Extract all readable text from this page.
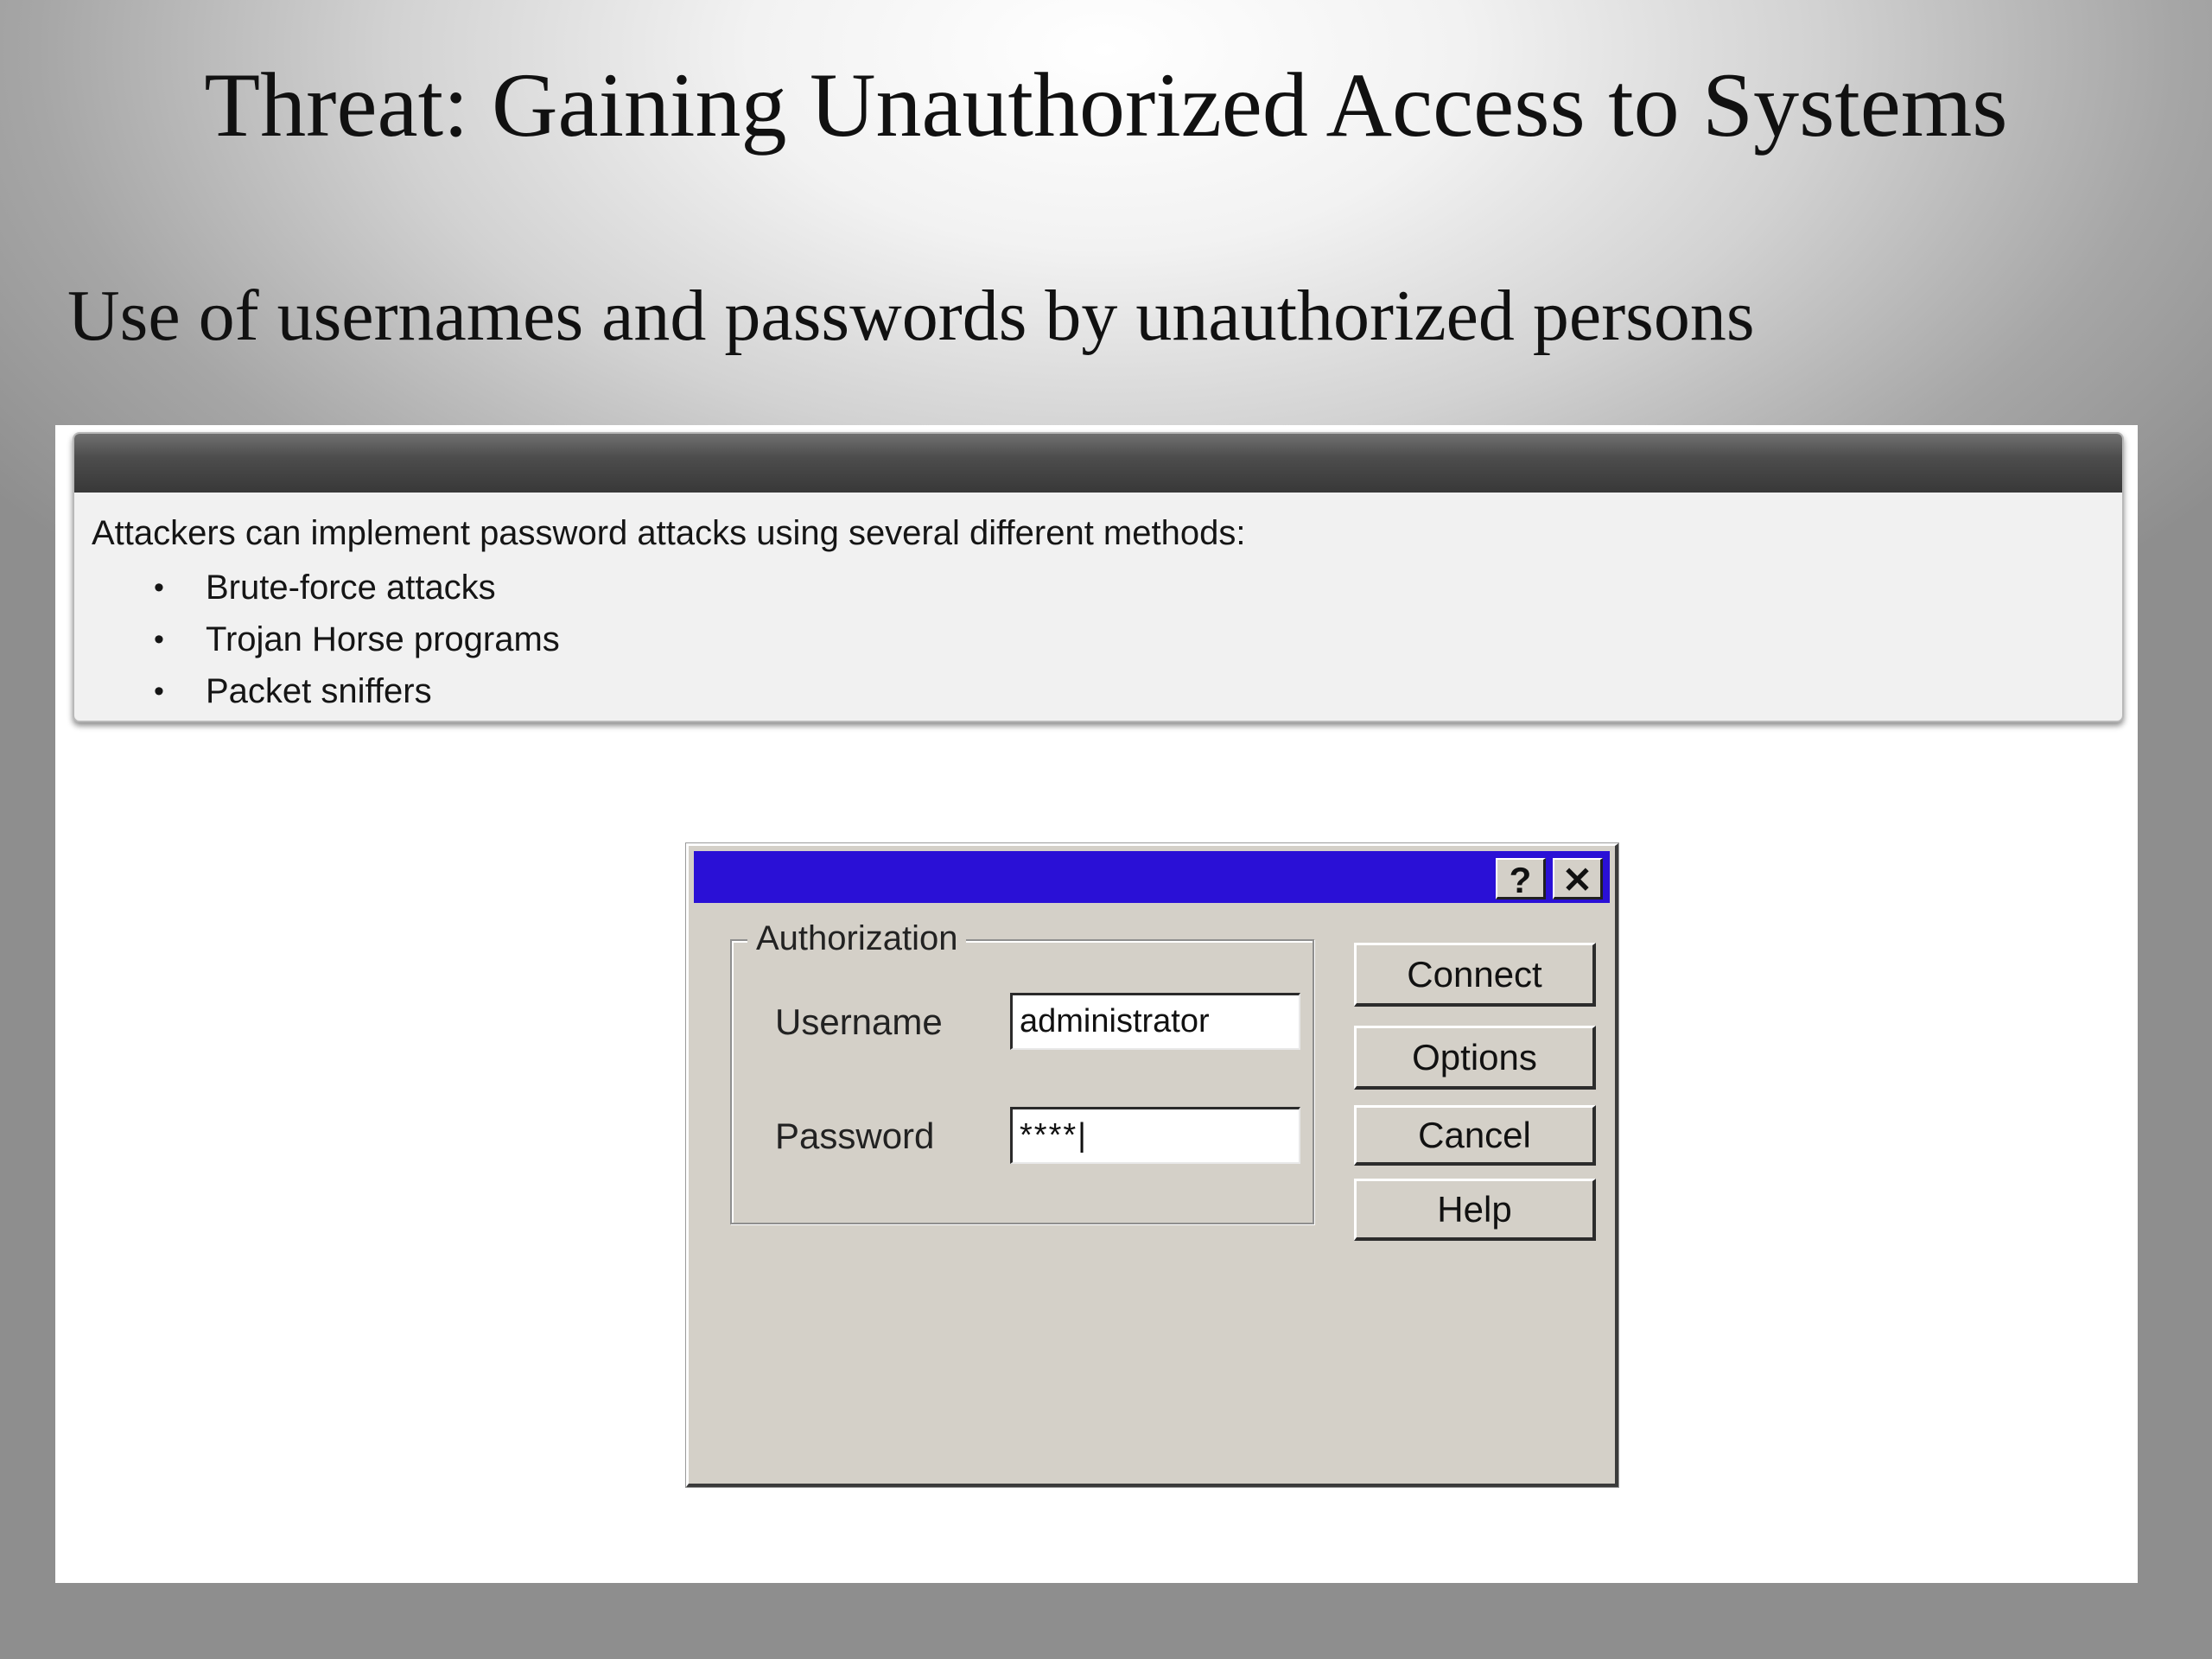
Threat: Gaining Unauthorized Access to Systems
Use of usernames and passwords by unauthorized persons
Attackers can implement password attacks using several different methods:
• Brute-force attacks
• Trojan Horse programs
• Packet sniffers
? ✕
Authorization
Username
administrator
Password
****|
Connect
Options
Cancel
Help
